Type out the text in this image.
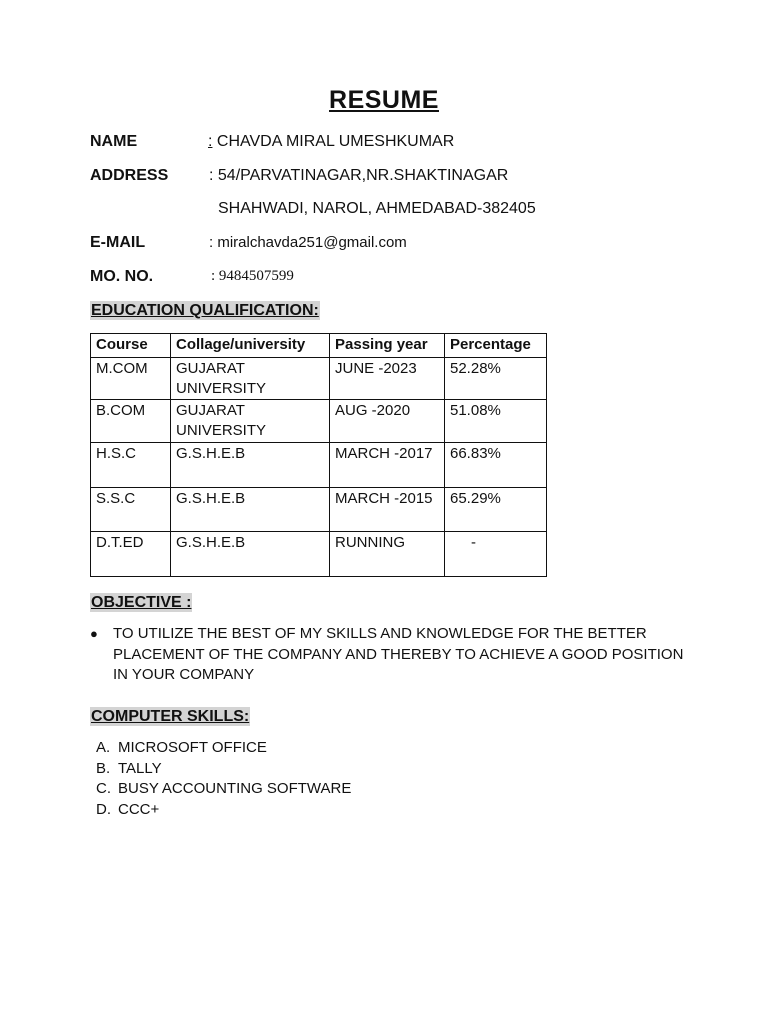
RESUME
NAME	: CHAVDA MIRAL UMESHKUMAR
ADDRESS	: 54/PARVATINAGAR,NR.SHAKTINAGAR
SHAHWADI, NAROL, AHMEDABAD-382405
E-MAIL	: miralchavda251@gmail.com
MO. NO.	: 9484507599
EDUCATION QUALIFICATION:
Course	Collage/university	Passing year	Percentage
M.COM	GUJARAT UNIVERSITY	JUNE -2023	52.28%
B.COM	GUJARAT UNIVERSITY	AUG -2020	51.08%
H.S.C	G.S.H.E.B	MARCH -2017	66.83%
S.S.C	G.S.H.E.B	MARCH -2015	65.29%
D.T.ED	G.S.H.E.B	RUNNING	-
OBJECTIVE :
● TO UTILIZE THE BEST OF MY SKILLS AND KNOWLEDGE FOR THE BETTER PLACEMENT OF THE COMPANY AND THEREBY TO ACHIEVE A GOOD POSITION IN YOUR COMPANY
COMPUTER SKILLS:
A. MICROSOFT OFFICE
B. TALLY
C. BUSY ACCOUNTING SOFTWARE
D. CCC+
